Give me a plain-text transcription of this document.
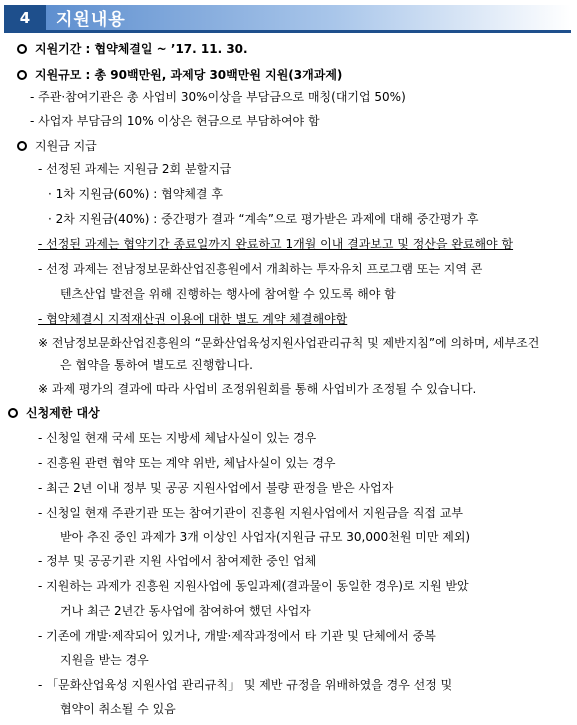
4	지원내용
지원기간 : 협약체결일 ~ ’17. 11. 30.
지원규모 : 총 90백만원, 과제당 30백만원 지원(3개과제)
- 주관·참여기관은 총 사업비 30%이상을 부담금으로 매칭(대기업 50%)
- 사업자 부담금의 10% 이상은 현금으로 부담하여야 함
지원금 지급
- 선정된 과제는 지원금 2회 분할지급
· 1차 지원금(60%) : 협약체결 후
· 2차 지원금(40%) : 중간평가 결과 “계속”으로 평가받은 과제에 대해 중간평가 후
- 선정된 과제는 협약기간 종료일까지 완료하고 1개월 이내 결과보고 및 정산을 완료해야 함
- 선정 과제는 전남정보문화산업진흥원에서 개최하는 투자유치 프로그램 또는 지역 콘
텐츠산업 발전을 위해 진행하는 행사에 참여할 수 있도록 해야 함
- 협약체결시 지적재산권 이용에 대한 별도 계약 체결해야함
※ 전남정보문화산업진흥원의 “문화산업육성지원사업관리규칙 및 제반지침”에 의하며, 세부조건
은 협약을 통하여 별도로 진행합니다.
※ 과제 평가의 결과에 따라 사업비 조정위원회를 통해 사업비가 조정될 수 있습니다.
신청제한 대상
- 신청일 현재 국세 또는 지방세 체납사실이 있는 경우
- 진흥원 관련 협약 또는 계약 위반, 체납사실이 있는 경우
- 최근 2년 이내 정부 및 공공 지원사업에서 불량 판정을 받은 사업자
- 신청일 현재 주관기관 또는 참여기관이 진흥원 지원사업에서 지원금을 직접 교부
받아 추진 중인 과제가 3개 이상인 사업자(지원금 규모 30,000천원 미만 제외)
- 정부 및 공공기관 지원 사업에서 참여제한 중인 업체
- 지원하는 과제가 진흥원 지원사업에 동일과제(결과물이 동일한 경우)로 지원 받았
거나 최근 2년간 동사업에 참여하여 했던 사업자
- 기존에 개발·제작되어 있거나, 개발·제작과정에서 타 기관 및 단체에서 중복
지원을 받는 경우
- 「문화산업육성 지원사업 관리규칙」 및 제반 규정을 위배하였을 경우 선정 및
협약이 취소될 수 있음
